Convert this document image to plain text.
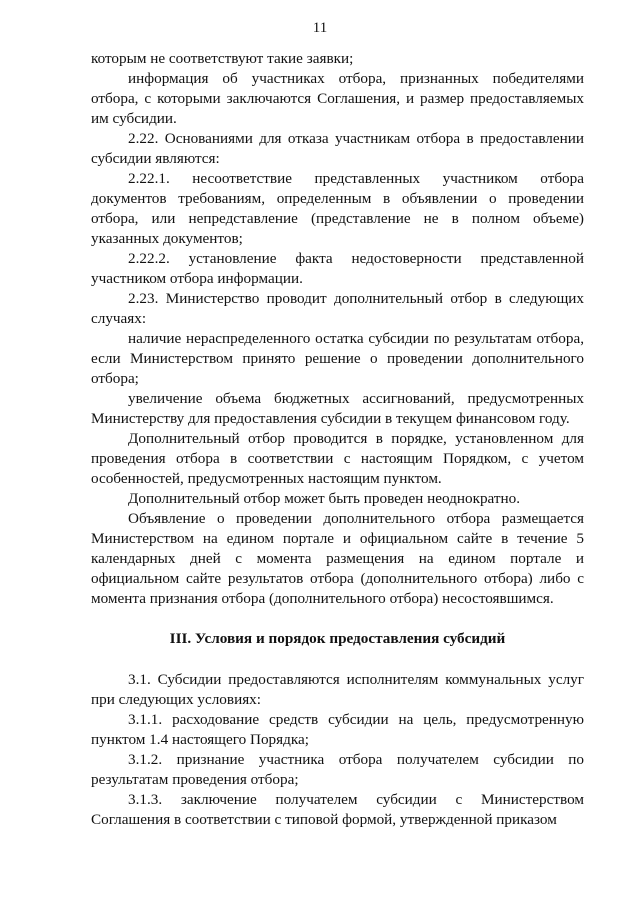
11

которым не соответствуют такие заявки;

информация об участниках отбора, признанных победителями отбора, с которыми заключаются Соглашения, и размер предоставляемых им субсидии.

2.22. Основаниями для отказа участникам отбора в предоставлении субсидии являются:

2.22.1. несоответствие представленных участником отбора документов требованиям, определенным в объявлении о проведении отбора, или непредставление (представление не в полном объеме) указанных документов;

2.22.2. установление факта недостоверности представленной участником отбора информации.

2.23. Министерство проводит дополнительный отбор в следующих случаях:

наличие нераспределенного остатка субсидии по результатам отбора, если Министерством принято решение о проведении дополнительного отбора;

увеличение объема бюджетных ассигнований, предусмотренных Министерству для предоставления субсидии в текущем финансовом году.

Дополнительный отбор проводится в порядке, установленном для проведения отбора в соответствии с настоящим Порядком, с учетом особенностей, предусмотренных настоящим пунктом.

Дополнительный отбор может быть проведен неоднократно.

Объявление о проведении дополнительного отбора размещается Министерством на едином портале и официальном сайте в течение 5 календарных дней с момента размещения на едином портале и официальном сайте результатов отбора (дополнительного отбора) либо с момента признания отбора (дополнительного отбора) несостоявшимся.

III. Условия и порядок предоставления субсидий

3.1. Субсидии предоставляются исполнителям коммунальных услуг при следующих условиях:

3.1.1. расходование средств субсидии на цель, предусмотренную пунктом 1.4 настоящего Порядка;

3.1.2. признание участника отбора получателем субсидии по результатам проведения отбора;

3.1.3. заключение получателем субсидии с Министерством Соглашения в соответствии с типовой формой, утвержденной приказом
